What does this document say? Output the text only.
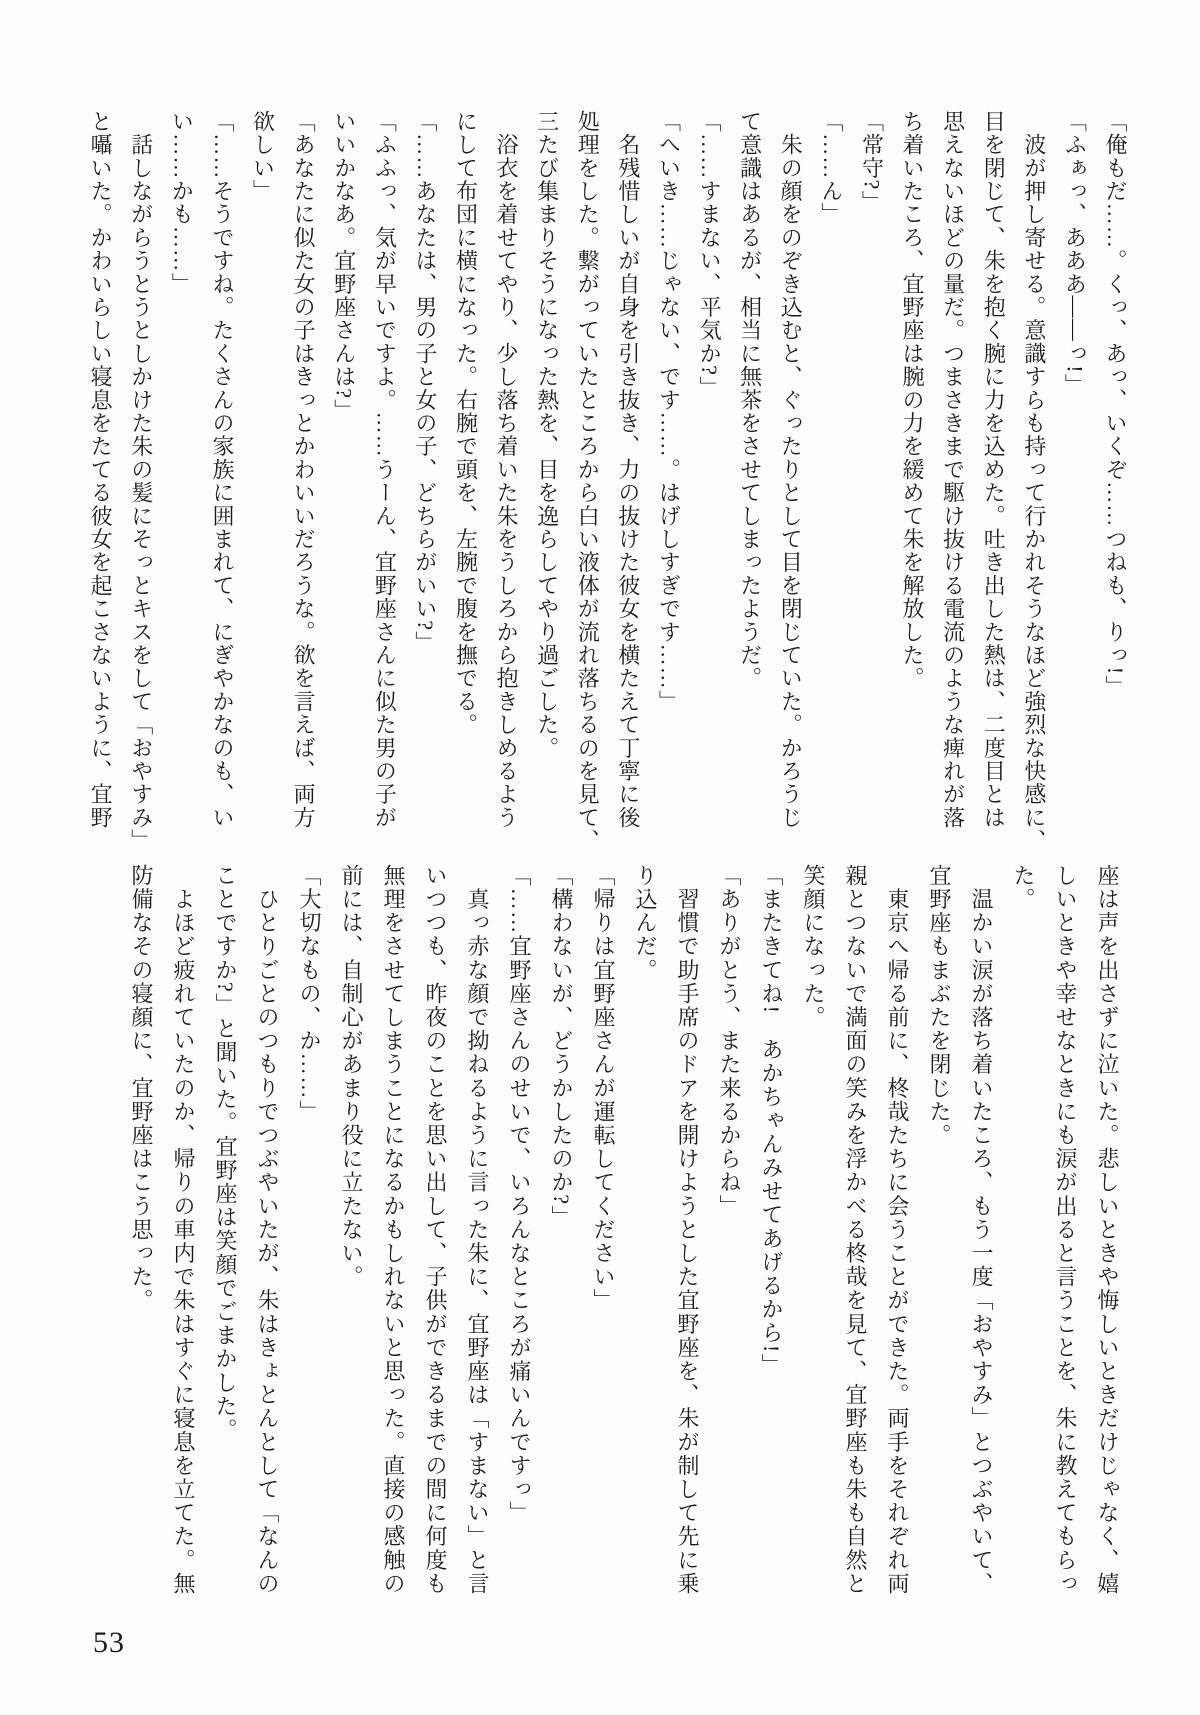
「俺もだ……。くっ、あっ、いくぞ……つねも、りっ!」
「ふぁっ、あああ――っ!」
　波が押し寄せる。意識すらも持って行かれそうなほど強烈な快感に、
目を閉じて、朱を抱く腕に力を込めた。吐き出した熱は、二度目とは
思えないほどの量だ。つまさきまで駆け抜ける電流のような痺れが落
ち着いたころ、宜野座は腕の力を緩めて朱を解放した。
「常守?」
「……ん」
　朱の顔をのぞき込むと、ぐったりとして目を閉じていた。かろうじ
て意識はあるが、相当に無茶をさせてしまったようだ。
「……すまない、平気か?」
「へいき……じゃない、です……。はげしすぎです……」
　名残惜しいが自身を引き抜き、力の抜けた彼女を横たえて丁寧に後
処理をした。繋がっていたところから白い液体が流れ落ちるのを見て、
三たび集まりそうになった熱を、目を逸らしてやり過ごした。
　浴衣を着せてやり、少し落ち着いた朱をうしろから抱きしめるよう
にして布団に横になった。右腕で頭を、左腕で腹を撫でる。
「……あなたは、男の子と女の子、どちらがいい?」
「ふふっ、気が早いですよ。……うーん、宜野座さんに似た男の子が
いいかなあ。宜野座さんは?」
「あなたに似た女の子はきっとかわいいだろうな。欲を言えば、両方
欲しい」
「……そうですね。たくさんの家族に囲まれて、にぎやかなのも、い
い……かも……」
　話しながらうとうとしかけた朱の髪にそっとキスをして「おやすみ」
と囁いた。かわいらしい寝息をたてる彼女を起こさないように、宜野
座は声を出さずに泣いた。悲しいときや悔しいときだけじゃなく、嬉
しいときや幸せなときにも涙が出ると言うことを、朱に教えてもらっ
た。
　温かい涙が落ち着いたころ、もう一度「おやすみ」とつぶやいて、
宜野座もまぶたを閉じた。
　東京へ帰る前に、柊哉たちに会うことができた。両手をそれぞれ両
親とつないで満面の笑みを浮かべる柊哉を見て、宜野座も朱も自然と
笑顔になった。
「またきてね!　あかちゃんみせてあげるから!」
「ありがとう、また来るからね」
　習慣で助手席のドアを開けようとした宜野座を、朱が制して先に乗
り込んだ。
「帰りは宜野座さんが運転してください」
「構わないが、どうかしたのか?」
「……宜野座さんのせいで、いろんなところが痛いんですっ」
　真っ赤な顔で拗ねるように言った朱に、宜野座は「すまない」と言
いつつも、昨夜のことを思い出して、子供ができるまでの間に何度も
無理をさせてしまうことになるかもしれないと思った。直接の感触の
前には、自制心があまり役に立たない。
「大切なもの、か……」
　ひとりごとのつもりでつぶやいたが、朱はきょとんとして「なんの
ことですか?」と聞いた。宜野座は笑顔でごまかした。
　よほど疲れていたのか、帰りの車内で朱はすぐに寝息を立てた。無
防備なその寝顔に、宜野座はこう思った。
53
